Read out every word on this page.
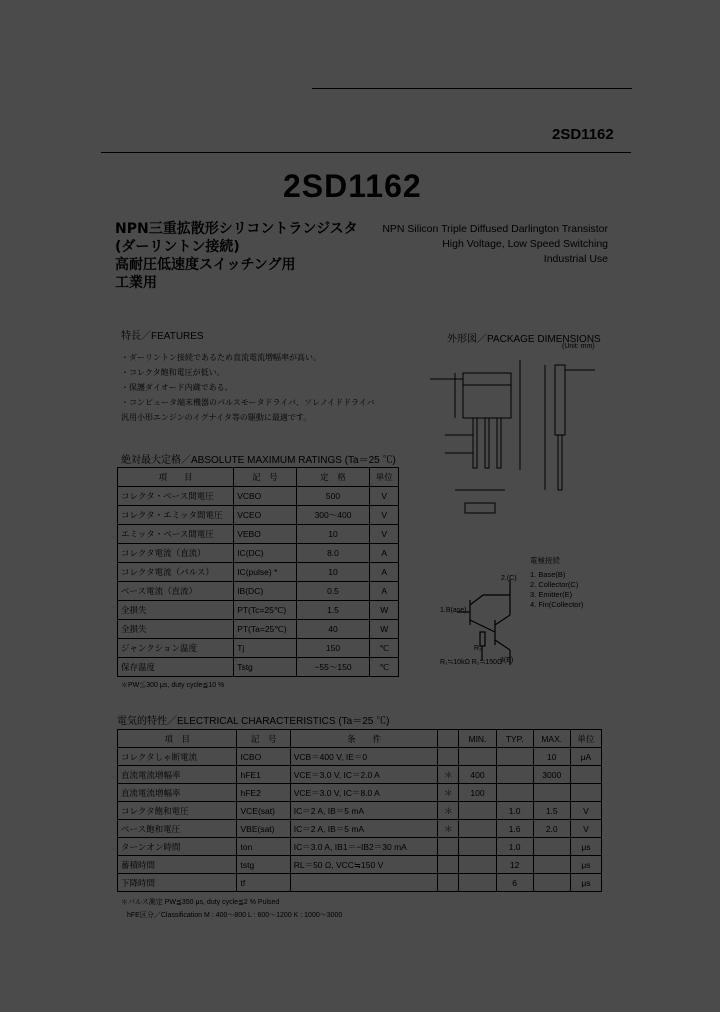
2SD1162
2SD1162
NPN三重拡散形シリコントランジスタ
(ダーリントン接続)
高耐圧低速度スイッチング用
工業用
NPN Silicon Triple Diffused Darlington Transistor
High Voltage, Low Speed Switching
Industrial Use
特長／FEATURES
・ダーリントン接続であるため直流電流増幅率が高い。
・コレクタ飽和電圧が低い。
・保護ダイオード内蔵である。
・コンピュータ端末機器のパルスモータドライバ、ソレノイドドライバ
汎用小形エンジンのイグナイタ等の駆動に最適です。
外形図／PACKAGE DIMENSIONS
(Unit: mm)
電極接続
1. Base(B)
2. Collector(C)
3. Emitter(E)
4. Fin(Collector)
2.(C)
1.B(ase)
R₁
3(E)
R₁≒10kΩ R₂≒150Ω
絶対最大定格／ABSOLUTE MAXIMUM RATINGS (Ta＝25 ℃)
項　　目	記　号	定　格	単位
コレクタ・ベース間電圧	VCBO	500	V
コレクタ・エミッタ間電圧	VCEO	300～400	V
エミッタ・ベース間電圧	VEBO	10	V
コレクタ電流（直流）	IC(DC)	8.0	A
コレクタ電流（パルス）	IC(pulse) *	10	A
ベース電流（直流）	IB(DC)	0.5	A
全損失	PT(Tc=25℃)	1.5	W
全損失	PT(Ta=25℃)	40	W
ジャンクション温度	Tj	150	℃
保存温度	Tstg	−55～150	℃
＊PW≦300 μs, duty cycle≦10 %
電気的特性／ELECTRICAL CHARACTERISTICS (Ta＝25 ℃)
項　目	記　号	条　　件		MIN.	TYP.	MAX.	単位
コレクタしゃ断電流	ICBO	VCB＝400 V, IE＝0				10	μA
直流電流増幅率	hFE1	VCE＝3.0 V, IC＝2.0 A	＊	400		3000	
直流電流増幅率	hFE2	VCE＝3.0 V, IC＝8.0 A	＊	100			
コレクタ飽和電圧	VCE(sat)	IC＝2 A, IB＝5 mA	＊		1.0	1.5	V
ベース飽和電圧	VBE(sat)	IC＝2 A, IB＝5 mA	＊		1.6	2.0	V
ターンオン時間	ton	IC＝3.0 A, IB1＝−IB2＝30 mA			1.0		μs
蓄積時間	tstg	RL＝50 Ω, VCC≒150 V			12		μs
下降時間	tf				6		μs
＊パルス測定 PW≦350 μs, duty cycle≦2 % Pulsed
hFE区分／Classification M : 400～800 L : 600～1200 K : 1000～3000
